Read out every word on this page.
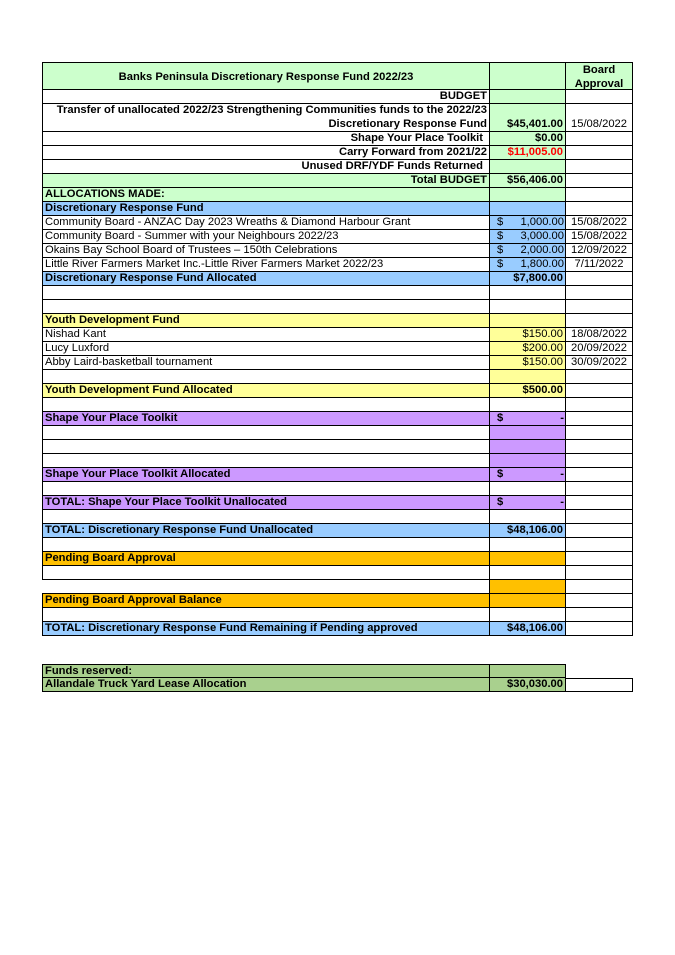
Banks Peninsula Discretionary Response Fund 2022/23
Board Approval
BUDGET
Transfer of unallocated 2022/23 Strengthening Communities funds to the 2022/23
Discretionary Response Fund	$45,401.00 15/08/2022
Shape Your Place Toolkit	$0.00
Carry Forward from 2021/22	$11,005.00
Unused DRF/YDF Funds Returned
Total BUDGET	$56,406.00
ALLOCATIONS MADE:
Discretionary Response Fund
Community Board - ANZAC Day 2023 Wreaths & Diamond Harbour Grant	$ 1,000.00 15/08/2022
Community Board - Summer with your Neighbours 2022/23	$ 3,000.00 15/08/2022
Okains Bay School Board of Trustees – 150th Celebrations	$ 2,000.00 12/09/2022
Little River Farmers Market Inc.-Little River Farmers Market 2022/23	$ 1,800.00 7/11/2022
Discretionary Response Fund Allocated	$7,800.00
Youth Development Fund
Nishad Kant	$150.00 18/08/2022
Lucy Luxford	$200.00 20/09/2022
Abby Laird-basketball tournament	$150.00 30/09/2022
Youth Development Fund Allocated	$500.00
Shape Your Place Toolkit	$	-
Shape Your Place Toolkit Allocated	$	-
TOTAL: Shape Your Place Toolkit Unallocated	$	-
TOTAL: Discretionary Response Fund Unallocated	$48,106.00
Pending Board Approval
Pending Board Approval Balance
TOTAL: Discretionary Response Fund Remaining if Pending approved	$48,106.00
Funds reserved:
Allandale Truck Yard Lease Allocation	$30,030.00
